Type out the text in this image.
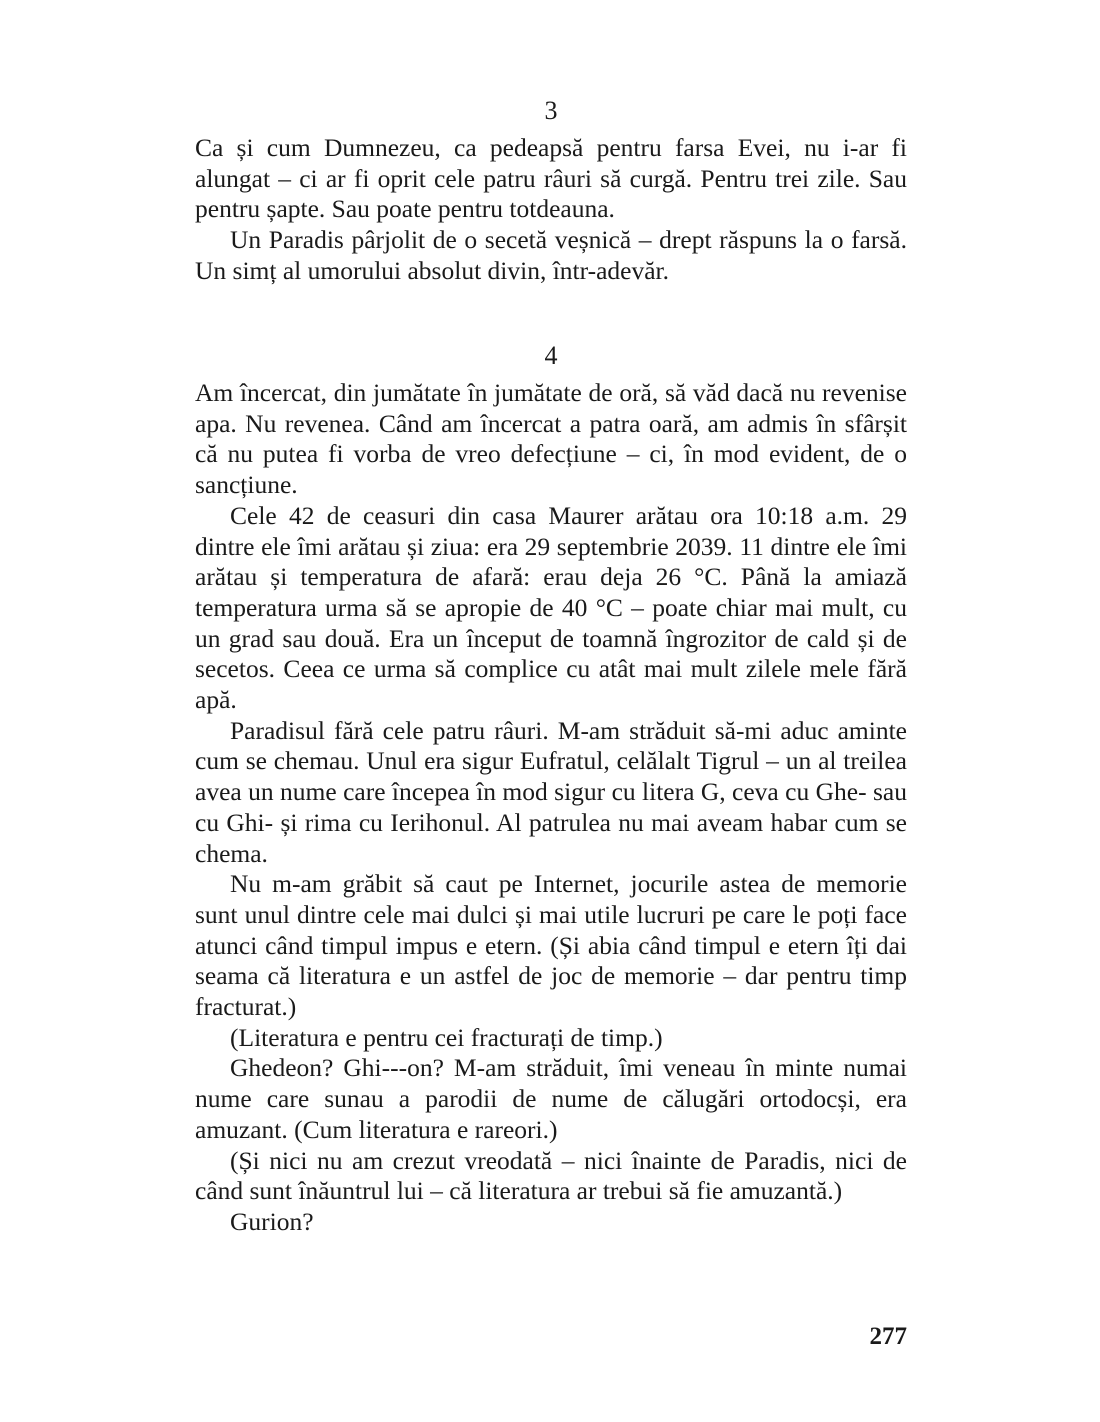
3

Ca și cum Dumnezeu, ca pedeapsă pentru farsa Evei, nu i-ar fi alungat – ci ar fi oprit cele patru râuri să curgă. Pentru trei zile. Sau pentru șapte. Sau poate pentru totdeauna.

Un Paradis pârjolit de o secetă veșnică – drept răspuns la o farsă. Un simț al umorului absolut divin, într-adevăr.

4

Am încercat, din jumătate în jumătate de oră, să văd dacă nu revenise apa. Nu revenea. Când am încercat a patra oară, am admis în sfârșit că nu putea fi vorba de vreo defecțiune – ci, în mod evident, de o sancțiune.

Cele 42 de ceasuri din casa Maurer arătau ora 10:18 a.m. 29 dintre ele îmi arătau și ziua: era 29 septembrie 2039. 11 dintre ele îmi arătau și temperatura de afară: erau deja 26 °C. Până la amiază temperatura urma să se apropie de 40 °C – poate chiar mai mult, cu un grad sau două. Era un început de toamnă îngrozitor de cald și de secetos. Ceea ce urma să complice cu atât mai mult zilele mele fără apă.

Paradisul fără cele patru râuri. M-am străduit să-mi aduc aminte cum se chemau. Unul era sigur Eufratul, celălalt Tigrul – un al treilea avea un nume care începea în mod sigur cu litera G, ceva cu Ghe- sau cu Ghi- și rima cu Ierihonul. Al patrulea nu mai aveam habar cum se chema.

Nu m-am grăbit să caut pe Internet, jocurile astea de memorie sunt unul dintre cele mai dulci și mai utile lucruri pe care le poți face atunci când timpul impus e etern. (Și abia când timpul e etern îți dai seama că literatura e un astfel de joc de memorie – dar pentru timp fracturat.)

(Literatura e pentru cei fracturați de timp.)

Ghedeon? Ghi---on? M-am străduit, îmi veneau în minte numai nume care sunau a parodii de nume de călugări ortodocși, era amuzant. (Cum literatura e rareori.)

(Și nici nu am crezut vreodată – nici înainte de Paradis, nici de când sunt înăuntrul lui – că literatura ar trebui să fie amuzantă.)

Gurion?

277
